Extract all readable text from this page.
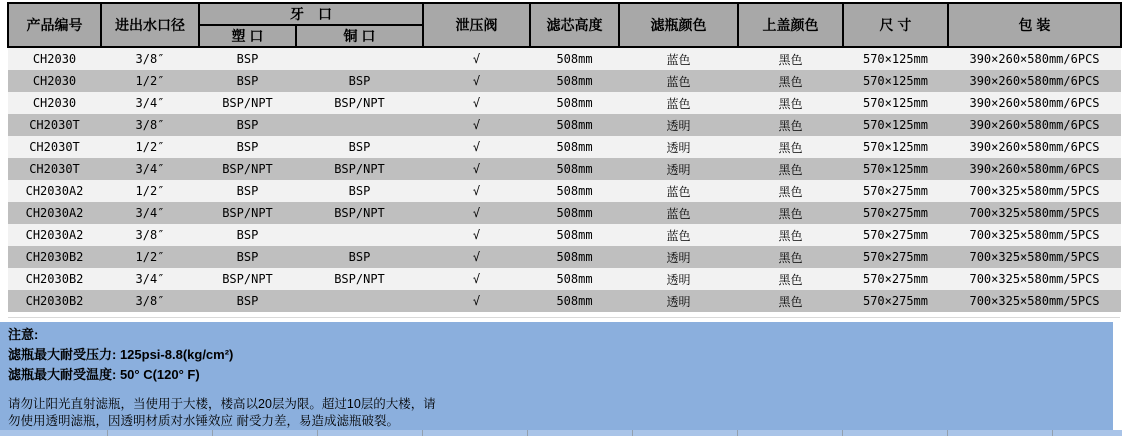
产品编号	进出水口径	牙　口		泄压阀	滤芯高度	滤瓶颜色	上盖颜色	尺 寸	包 装
		塑 口	铜 口						
CH2030	3/8″	BSP		√	508mm	蓝色	黑色	570×125mm	390×260×580mm/6PCS
CH2030	1/2″	BSP	BSP	√	508mm	蓝色	黑色	570×125mm	390×260×580mm/6PCS
CH2030	3/4″	BSP/NPT	BSP/NPT	√	508mm	蓝色	黑色	570×125mm	390×260×580mm/6PCS
CH2030T	3/8″	BSP		√	508mm	透明	黑色	570×125mm	390×260×580mm/6PCS
CH2030T	1/2″	BSP	BSP	√	508mm	透明	黑色	570×125mm	390×260×580mm/6PCS
CH2030T	3/4″	BSP/NPT	BSP/NPT	√	508mm	透明	黑色	570×125mm	390×260×580mm/6PCS
CH2030A2	1/2″	BSP	BSP	√	508mm	蓝色	黑色	570×275mm	700×325×580mm/5PCS
CH2030A2	3/4″	BSP/NPT	BSP/NPT	√	508mm	蓝色	黑色	570×275mm	700×325×580mm/5PCS
CH2030A2	3/8″	BSP		√	508mm	蓝色	黑色	570×275mm	700×325×580mm/5PCS
CH2030B2	1/2″	BSP	BSP	√	508mm	透明	黑色	570×275mm	700×325×580mm/5PCS
CH2030B2	3/4″	BSP/NPT	BSP/NPT	√	508mm	透明	黑色	570×275mm	700×325×580mm/5PCS
CH2030B2	3/8″	BSP		√	508mm	透明	黑色	570×275mm	700×325×580mm/5PCS
注意:
滤瓶最大耐受压力: 125psi-8.8(kg/cm²)
滤瓶最大耐受温度: 50° C(120° F)
请勿让阳光直射滤瓶，当使用于大楼，楼高以20层为限。超过10层的大楼，请
勿使用透明滤瓶，因透明材质对水锤效应 耐受力差，易造成滤瓶破裂。
